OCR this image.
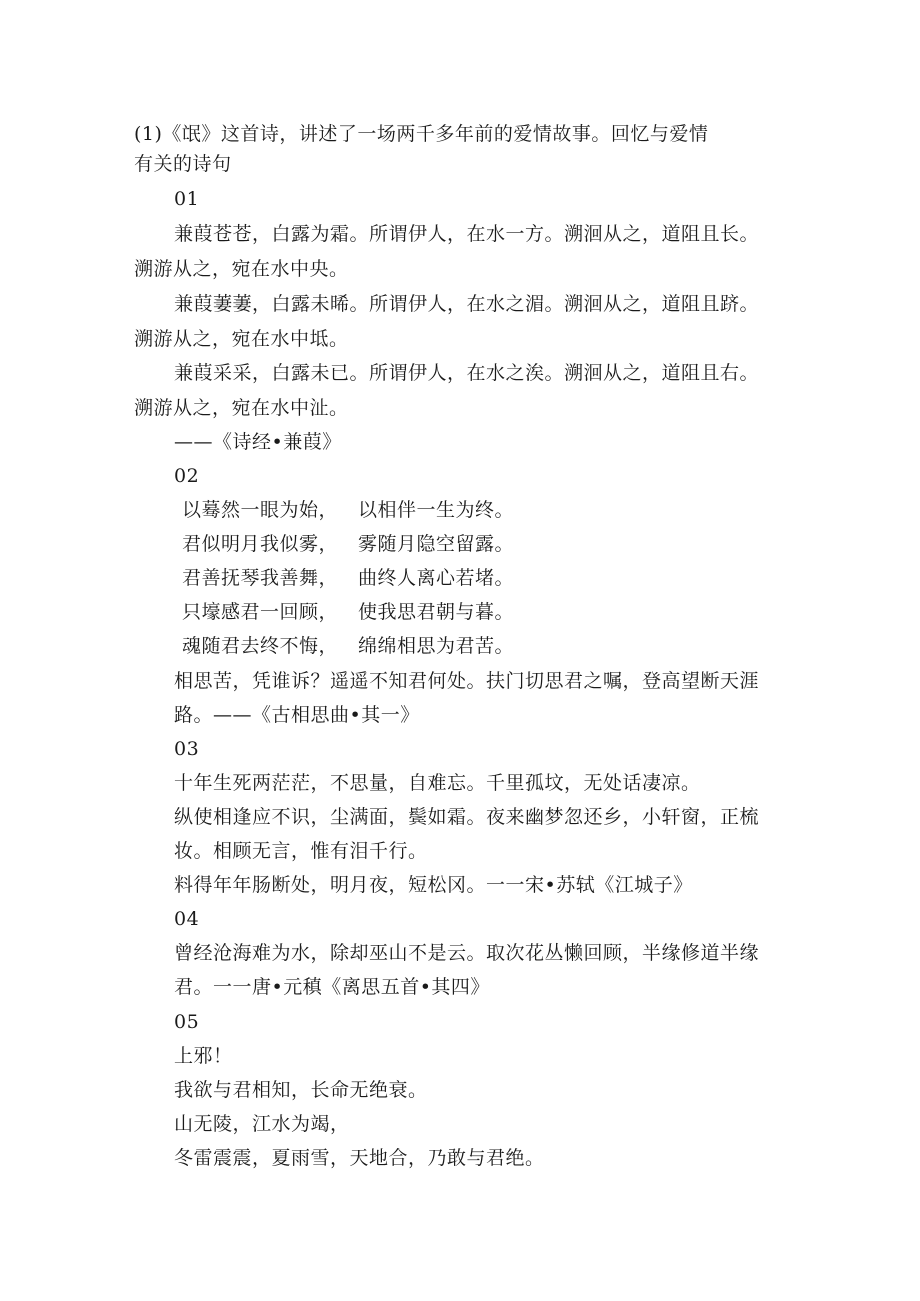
(1)《氓》这首诗，讲述了一场两千多年前的爱情故事。回忆与爱情
有关的诗句
01
兼葭苍苍，白露为霜。所谓伊人，在水一方。溯洄从之，道阻且长。
溯游从之，宛在水中央。
兼葭萋萋，白露未晞。所谓伊人，在水之湄。溯洄从之，道阻且跻。
溯游从之，宛在水中坻。
兼葭采采，白露未已。所谓伊人，在水之涘。溯洄从之，道阻且右。
溯游从之，宛在水中沚。
——《诗经•兼葭》
02
以蓦然一眼为始， 以相伴一生为终。
君似明月我似雾， 雾随月隐空留露。
君善抚琴我善舞， 曲终人离心若堵。
只壕感君一回顾， 使我思君朝与暮。
魂随君去终不悔， 绵绵相思为君苦。
相思苦，凭谁诉？遥遥不知君何处。扶门切思君之嘱，登高望断天涯
路。——《古相思曲•其一》
03
十年生死两茫茫，不思量，自难忘。千里孤坟，无处话凄凉。
纵使相逢应不识，尘满面，鬓如霜。夜来幽梦忽还乡，小轩窗，正梳
妆。相顾无言，惟有泪千行。
料得年年肠断处，明月夜，短松冈。一一宋•苏轼《江城子》
04
曾经沧海难为水，除却巫山不是云。取次花丛懒回顾，半缘修道半缘
君。一一唐•元稹《离思五首•其四》
05
上邪！
我欲与君相知，长命无绝衰。
山无陵，江水为竭，
冬雷震震，夏雨雪，天地合，乃敢与君绝。
